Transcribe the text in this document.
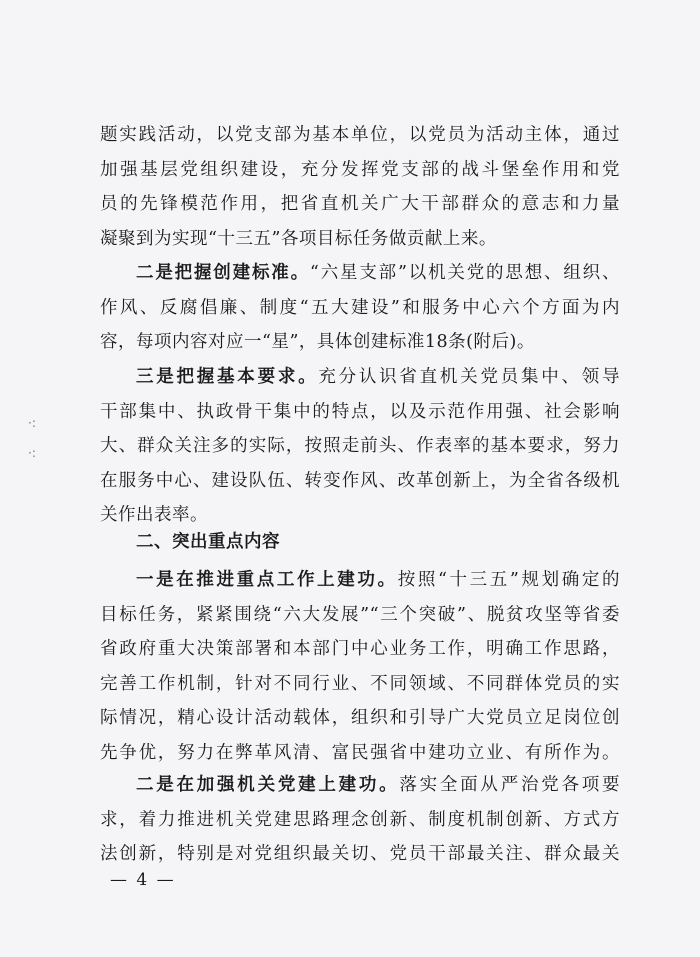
·:
·:
题实践活动，以党支部为基本单位，以党员为活动主体，通过
加强基层党组织建设，充分发挥党支部的战斗堡垒作用和党
员的先锋模范作用，把省直机关广大干部群众的意志和力量
凝聚到为实现“十三五”各项目标任务做贡献上来。
二是把握创建标准。“六星支部”以机关党的思想、组织、
作风、反腐倡廉、制度“五大建设”和服务中心六个方面为内
容，每项内容对应一“星”，具体创建标准18条(附后)。
三是把握基本要求。充分认识省直机关党员集中、领导
干部集中、执政骨干集中的特点，以及示范作用强、社会影响
大、群众关注多的实际，按照走前头、作表率的基本要求，努力
在服务中心、建设队伍、转变作风、改革创新上，为全省各级机
关作出表率。
二、突出重点内容
一是在推进重点工作上建功。按照“十三五”规划确定的
目标任务，紧紧围绕“六大发展”“三个突破”、脱贫攻坚等省委
省政府重大决策部署和本部门中心业务工作，明确工作思路，
完善工作机制，针对不同行业、不同领域、不同群体党员的实
际情况，精心设计活动载体，组织和引导广大党员立足岗位创
先争优，努力在弊革风清、富民强省中建功立业、有所作为。
二是在加强机关党建上建功。落实全面从严治党各项要
求，着力推进机关党建思路理念创新、制度机制创新、方式方
法创新，特别是对党组织最关切、党员干部最关注、群众最关
— 4 —
